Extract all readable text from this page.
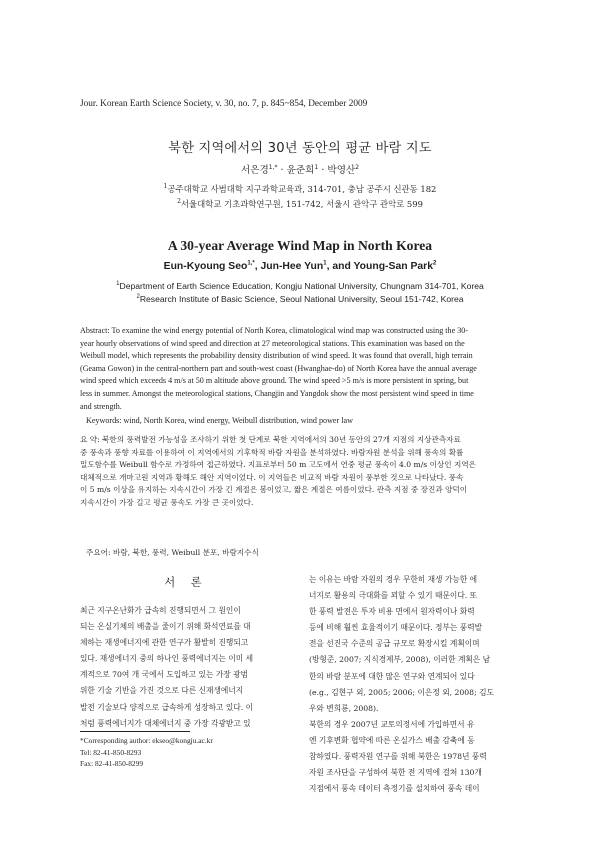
Jour. Korean Earth Science Society, v. 30, no. 7, p. 845~854, December 2009
북한 지역에서의 30년 동안의 평균 바람 지도
서은경$^{1,*}$ · 윤준희$^1$ · 박영산$^2$
$^1$공주대학교 사범대학 지구과학교육과, 314-701, 충남 공주시 신관동 182
$^2$서울대학교 기초과학연구원, 151-742, 서울시 관악구 관악로 599
A 30-year Average Wind Map in North Korea
Eun-Kyoung Seo$^{1,*}$, Jun-Hee Yun$^1$, and Young-San Park$^2$
$^1$Department of Earth Science Education, Kongju National University, Chungnam 314-701, Korea
$^2$Research Institute of Basic Science, Seoul National University, Seoul 151-742, Korea
Abstract: To examine the wind energy potential of North Korea, climatological wind map was constructed using the 30-
year hourly observations of wind speed and direction at 27 meteorological stations. This examination was based on the
Weibull model, which represents the probability density distribution of wind speed. It was found that overall, high terrain
(Geama Gowon) in the central-northern part and south-west coast (Hwanghae-do) of North Korea have the annual average
wind speed which exceeds 4 m/s at 50 m altitude above ground. The wind speed >5 m/s is more persistent in spring, but
less in summer. Amongst the meteorological stations, Changjin and Yangdok show the most persistent wind speed in time
and strength.
Keywords: wind, North Korea, wind energy, Weibull distribution, wind power law
요 약: 북한의 풍력발전 가능성을 조사하기 위한 첫 단계로 북한 지역에서의 30년 동안의 27개 지점의 지상관측자료
중 풍속과 풍향 자료를 이용하여 이 지역에서의 기후학적 바람 자원을 분석하였다. 바람자원 분석을 위해 풍속의 확률
밀도함수를 Weibull 함수로 가정하여 접근하였다. 지표로부터 50 m 고도에서 연중 평균 풍속이 4.0 m/s 이상인 지역은
대체적으로 개마고원 지역과 황해도 해안 지역이었다. 이 지역들은 비교적 바람 자원이 풍부한 것으로 나타났다. 풍속
이 5 m/s 이상을 유지하는 지속시간이 가장 긴 계절은 봄이었고, 짧은 계절은 여름이었다. 관측 지점 중 장진과 양덕이
지속시간이 가장 길고 평균 풍속도 가장 큰 곳이었다.
주요어: 바람, 북한, 풍력, Weibull 분포, 바람지수식
서 론
최근 지구온난화가 급속히 진행되면서 그 원인이
되는 온실기체의 배출을 줄이기 위해 화석연료를 대
체하는 재생에너지에 관한 연구가 활발히 진행되고
있다. 재생에너지 중의 하나인 풍력에너지는 이미 세
계적으로 70여 개 국에서 도입하고 있는 가장 광범
위한 기술 기반을 가진 것으로 다른 신재생에너지
발전 기술보다 양적으로 급속하게 성장하고 있다. 이
처럼 풍력에너지가 대체에너지 중 가장 각광받고 있
는 이유는 바람 자원의 경우 무한히 재생 가능한 에
너지로 활용의 극대화를 꾀할 수 있기 때문이다. 또
한 풍력 발전은 투자 비용 면에서 원자력이나 화력
등에 비해 훨씬 효율적이기 때문이다. 정부는 풍력발
전을 선진국 수준의 공급 규모로 확장시킬 계획이며
(방형준, 2007; 지식경제부, 2008), 이러한 계획은 남
한의 바람 분포에 대한 많은 연구와 연계되어 있다
(e.g., 김현구 외, 2005; 2006; 이은정 외, 2008; 김도
우와 변희룡, 2008).
북한의 경우 2007년 교토의정서에 가입하면서 유
엔 기후변화 협약에 따른 온실가스 배출 감축에 동
참하였다. 풍력자원 연구를 위해 북한은 1978년 풍력
자원 조사단을 구성하여 북한 전 지역에 걸쳐 130개
지점에서 풍속 데이터 측정기를 설치하여 풍속 데이
*Corresponding author: ekseo@kongju.ac.kr
Tel: 82-41-850-8293
Fax: 82-41-850-8299
